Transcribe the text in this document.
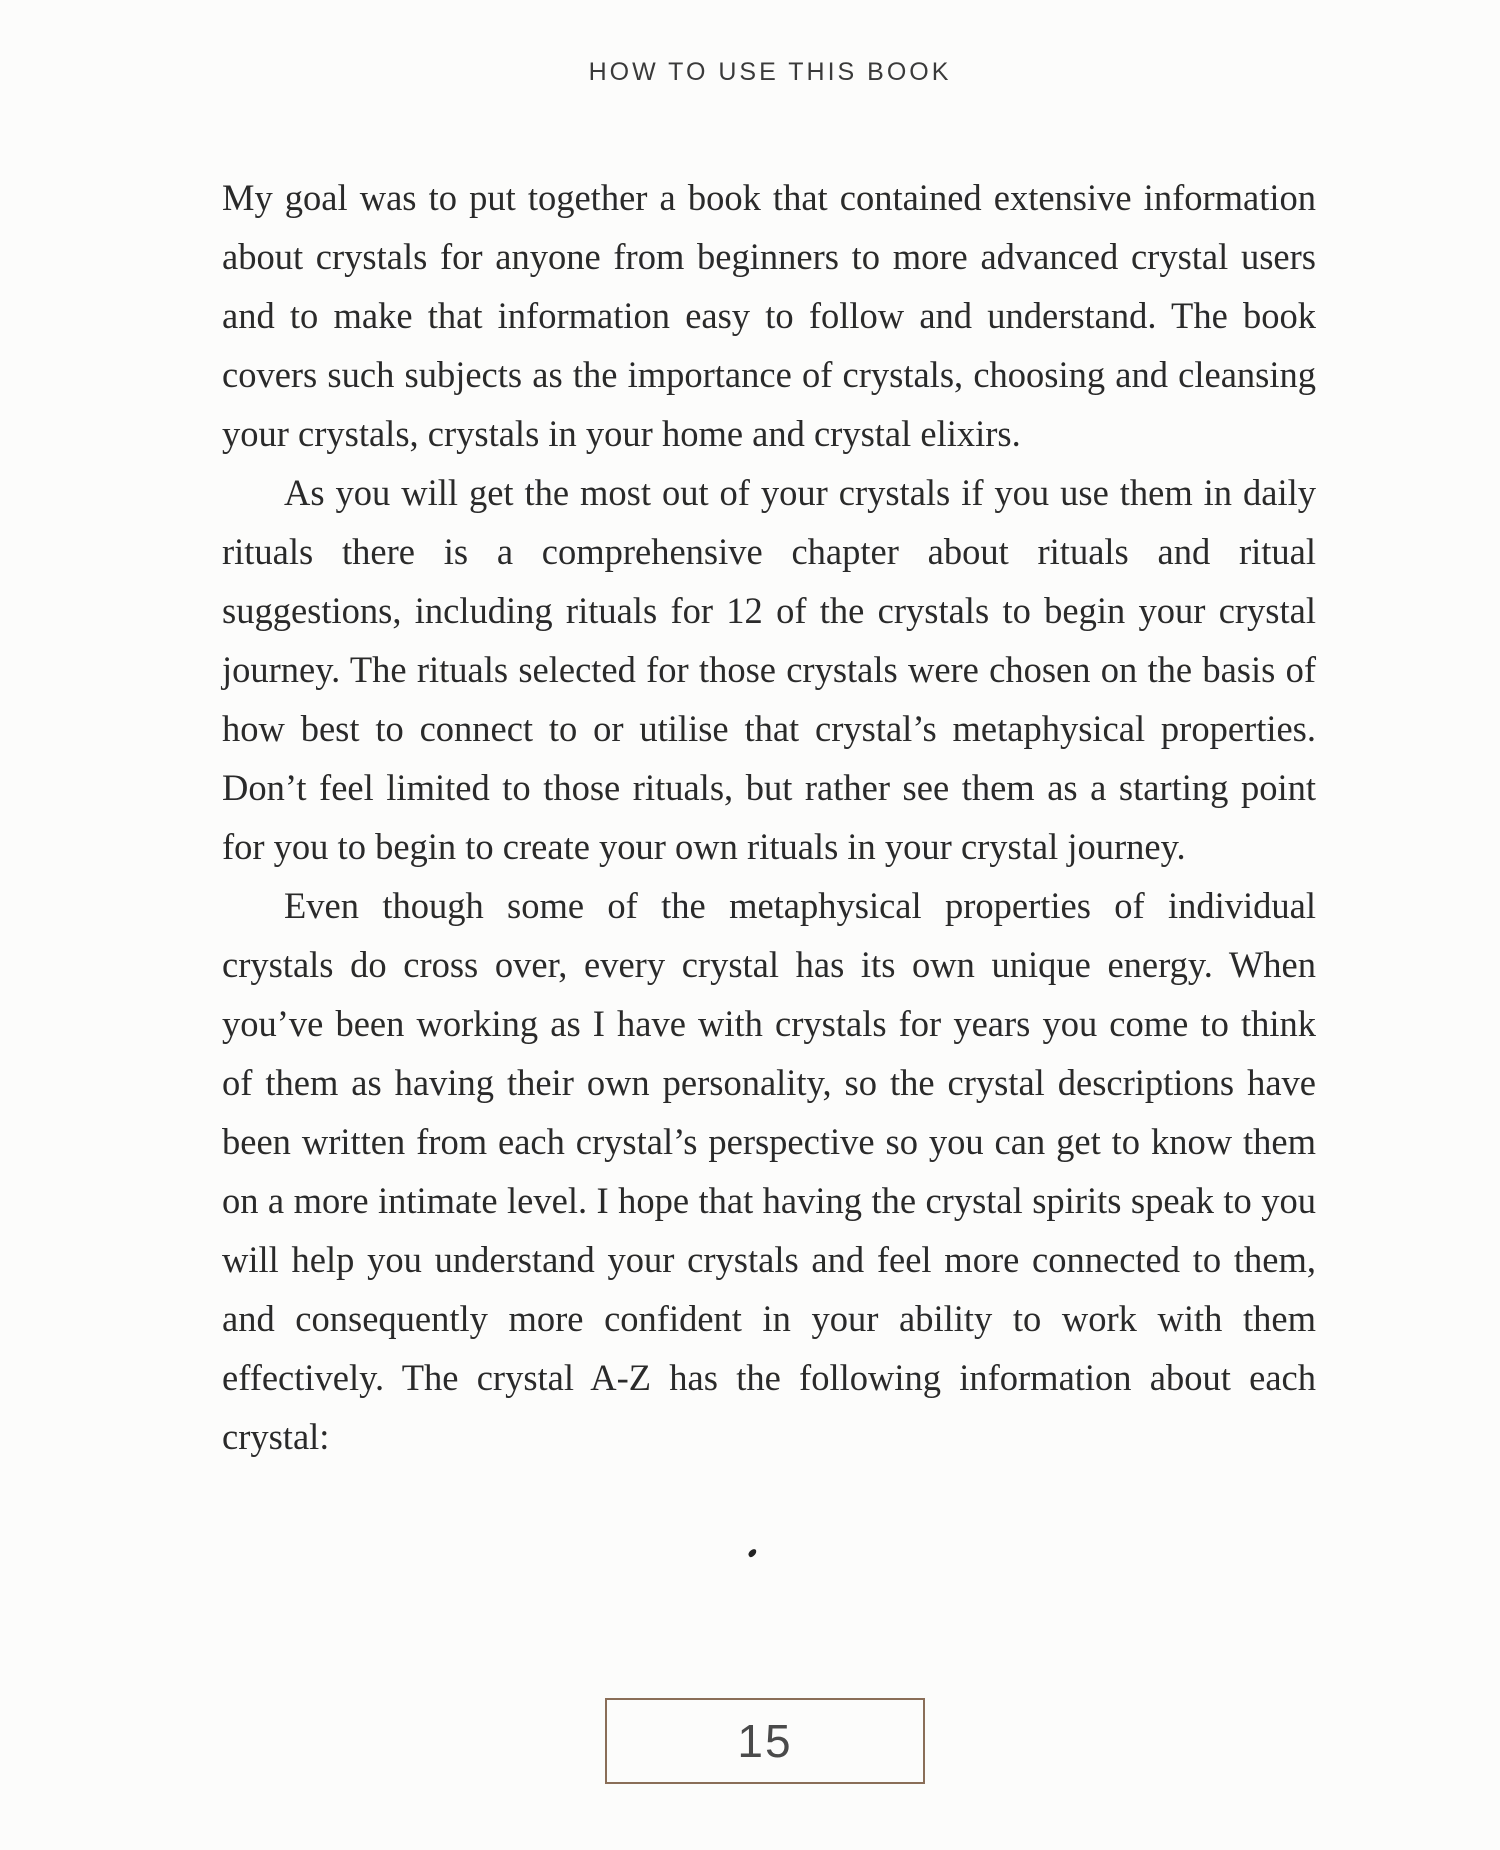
HOW TO USE THIS BOOK

My goal was to put together a book that contained extensive information about crystals for anyone from beginners to more advanced crystal users and to make that information easy to follow and understand. The book covers such subjects as the importance of crystals, choosing and cleansing your crystals, crystals in your home and crystal elixirs.

As you will get the most out of your crystals if you use them in daily rituals there is a comprehensive chapter about rituals and ritual suggestions, including rituals for 12 of the crystals to begin your crystal journey. The rituals selected for those crystals were chosen on the basis of how best to connect to or utilise that crystal’s metaphysical properties. Don’t feel limited to those rituals, but rather see them as a starting point for you to begin to create your own rituals in your crystal journey.

Even though some of the metaphysical properties of individual crystals do cross over, every crystal has its own unique energy. When you’ve been working as I have with crystals for years you come to think of them as having their own personality, so the crystal descriptions have been written from each crystal’s perspective so you can get to know them on a more intimate level. I hope that having the crystal spirits speak to you will help you understand your crystals and feel more connected to them, and consequently more confident in your ability to work with them effectively. The crystal A-Z has the following information about each crystal:

15
